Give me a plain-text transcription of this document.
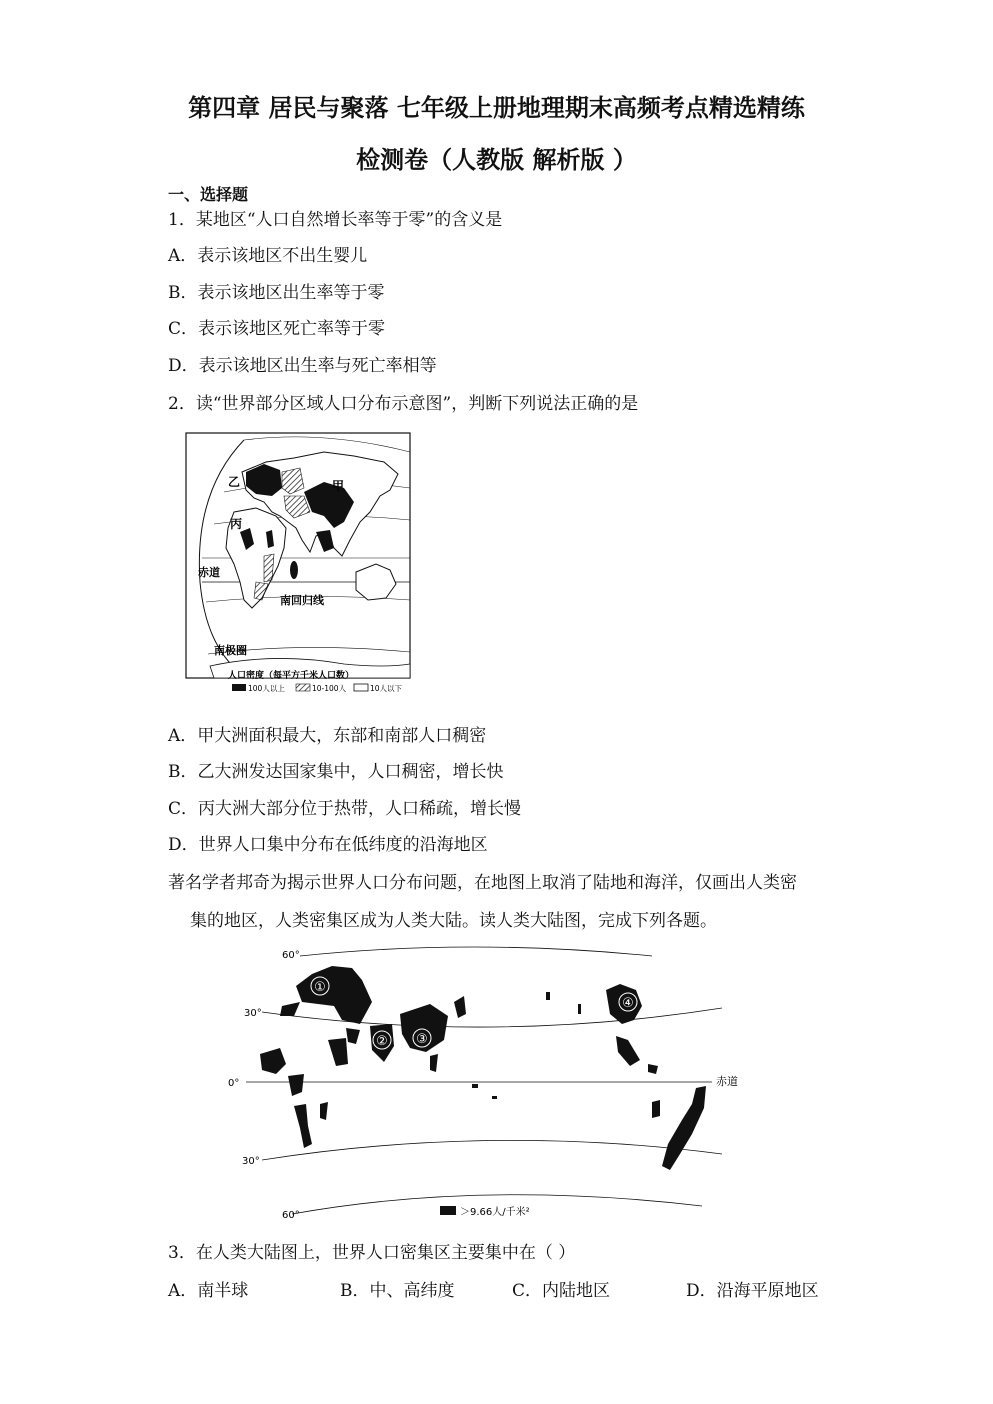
第四章 居民与聚落 七年级上册地理期末高频考点精选精练
检测卷（人教版 解析版 ）
一、选择题
1．某地区“人口自然增长率等于零”的含义是
A．表示该地区不出生婴儿
B．表示该地区出生率等于零
C．表示该地区死亡率等于零
D．表示该地区出生率与死亡率相等
2．读“世界部分区域人口分布示意图”，判断下列说法正确的是
甲
乙
丙
赤道
南回归线
南极圈
人口密度（每平方千米人口数）
100人以上	10-100人	10人以下
A．甲大洲面积最大，东部和南部人口稠密
B．乙大洲发达国家集中，人口稠密，增长快
C．丙大洲大部分位于热带，人口稀疏，增长慢
D．世界人口集中分布在低纬度的沿海地区
著名学者邦奇为揭示世界人口分布问题，在地图上取消了陆地和海洋，仅画出人类密
集的地区，人类密集区成为人类大陆。读人类大陆图，完成下列各题。
60°
30°
0°
30°
60°
赤道
①
② ③
④
＞9.66人/千米²
3．在人类大陆图上，世界人口密集区主要集中在（ ）
A．南半球	B．中、高纬度	C．内陆地区	D．沿海平原地区
